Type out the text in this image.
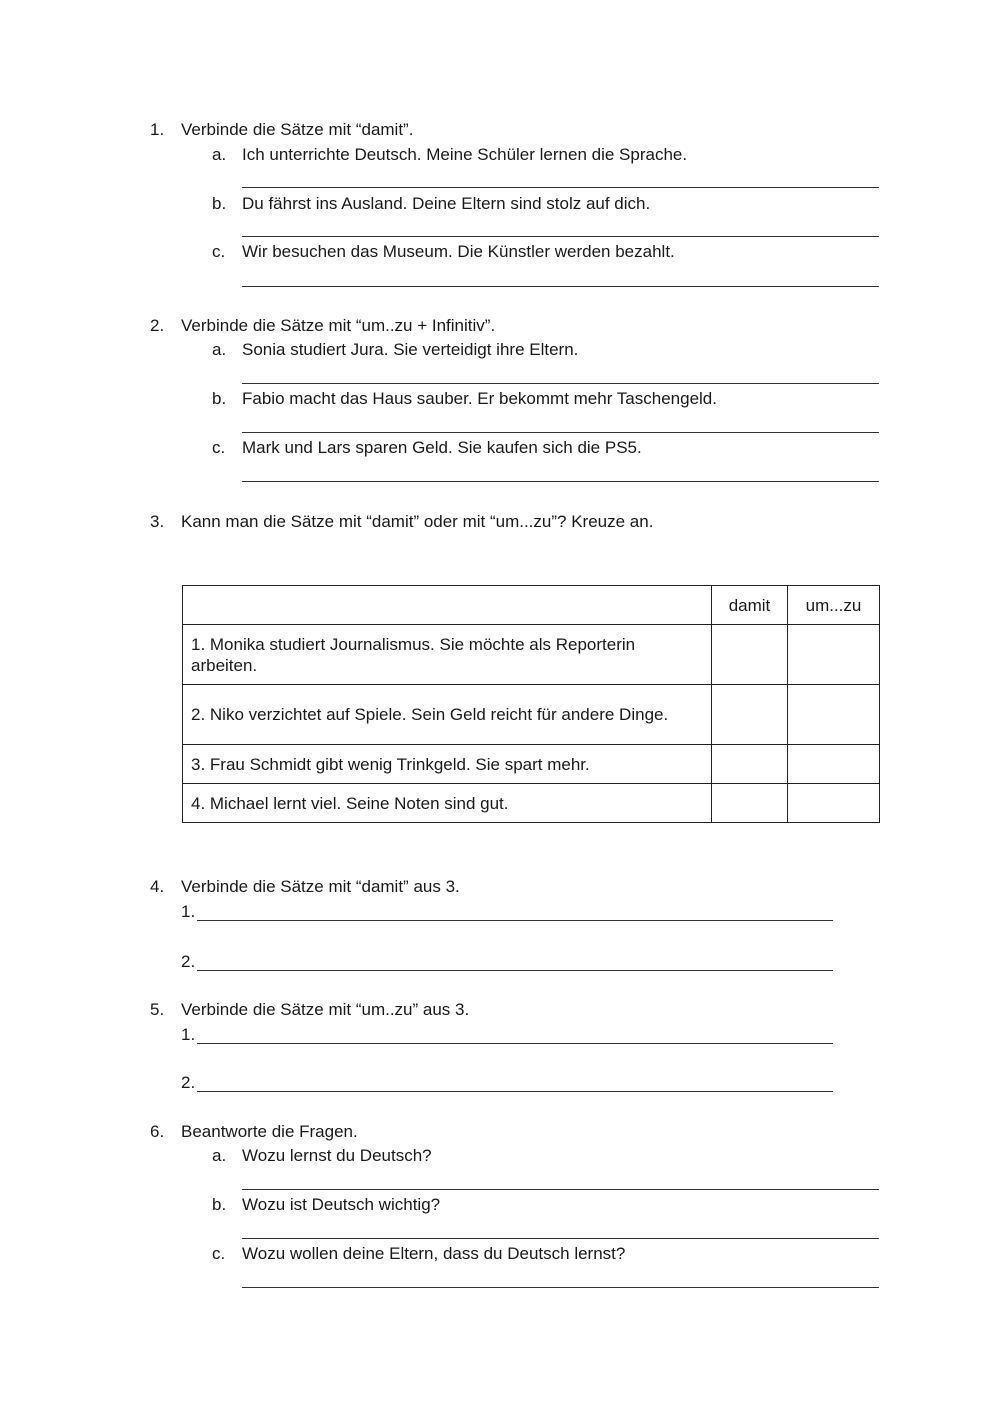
1. Verbinde die Sätze mit “damit”.
a. Ich unterrichte Deutsch. Meine Schüler lernen die Sprache.
b. Du fährst ins Ausland. Deine Eltern sind stolz auf dich.
c. Wir besuchen das Museum. Die Künstler werden bezahlt.
2. Verbinde die Sätze mit “um..zu + Infinitiv”.
a. Sonia studiert Jura. Sie verteidigt ihre Eltern.
b. Fabio macht das Haus sauber. Er bekommt mehr Taschengeld.
c. Mark und Lars sparen Geld. Sie kaufen sich die PS5.
3. Kann man die Sätze mit “damit” oder mit “um...zu”? Kreuze an.
	damit	um...zu
1. Monika studiert Journalismus. Sie möchte als Reporterin arbeiten.		
2. Niko verzichtet auf Spiele. Sein Geld reicht für andere Dinge.		
3. Frau Schmidt gibt wenig Trinkgeld. Sie spart mehr.		
4. Michael lernt viel. Seine Noten sind gut.		
4. Verbinde die Sätze mit “damit” aus 3.
1.
2.
5. Verbinde die Sätze mit “um..zu” aus 3.
1.
2.
6. Beantworte die Fragen.
a. Wozu lernst du Deutsch?
b. Wozu ist Deutsch wichtig?
c. Wozu wollen deine Eltern, dass du Deutsch lernst?
